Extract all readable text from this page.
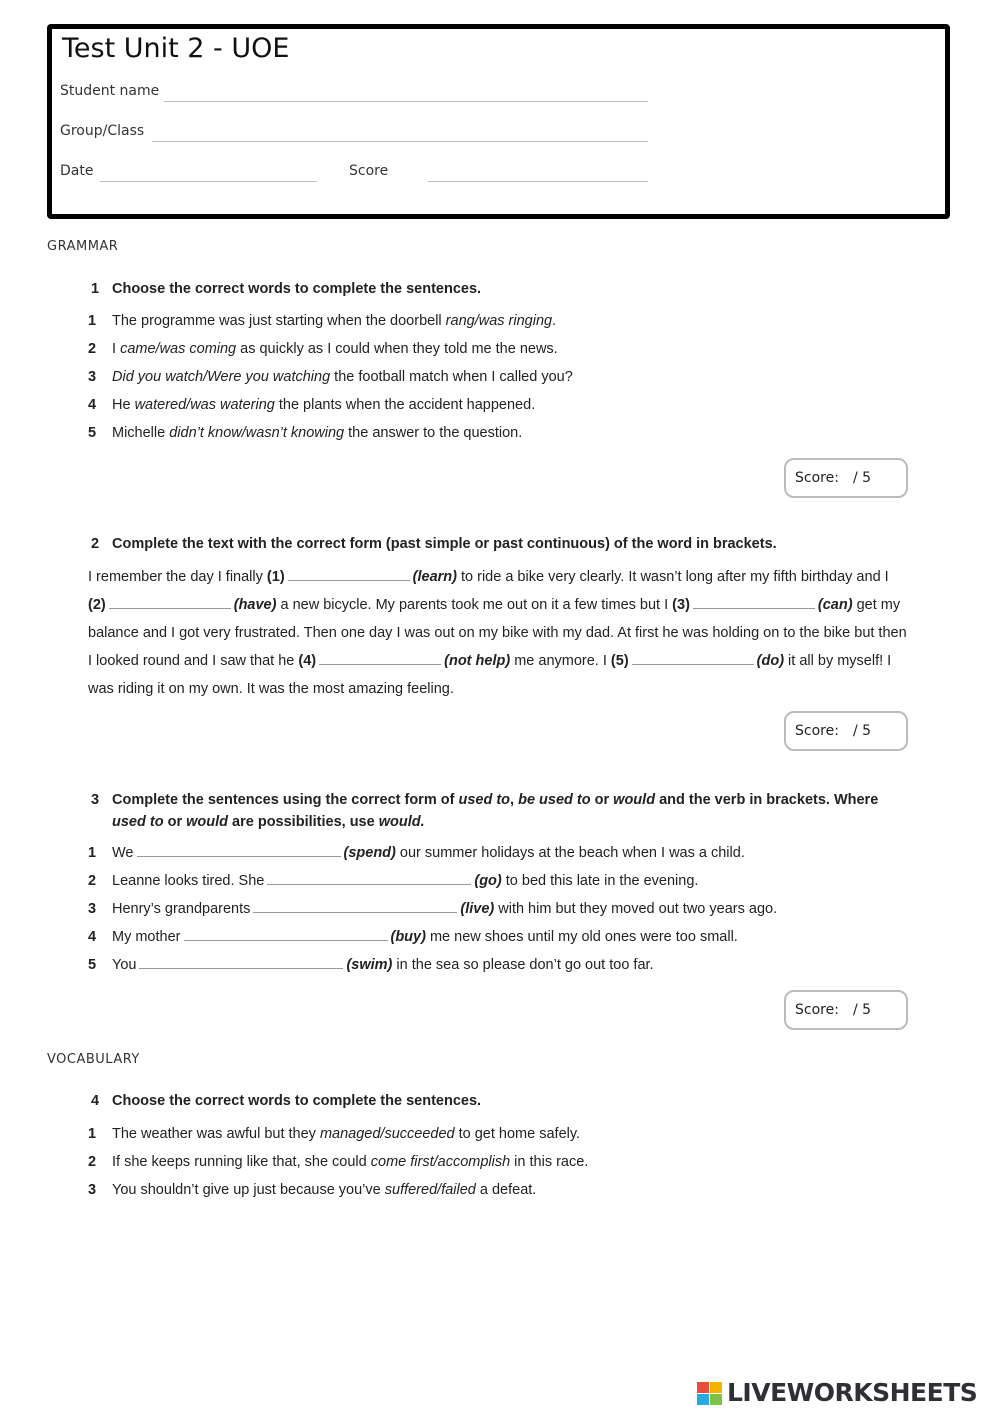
Test Unit 2 - UOE
Student name
Group/Class
Date	Score
GRAMMAR
1 Choose the correct words to complete the sentences.
1 The programme was just starting when the doorbell rang/was ringing.
2 I came/was coming as quickly as I could when they told me the news.
3 Did you watch/Were you watching the football match when I called you?
4 He watered/was watering the plants when the accident happened.
5 Michelle didn’t know/wasn’t knowing the answer to the question.
Score: / 5
2 Complete the text with the correct form (past simple or past continuous) of the word in brackets.
I remember the day I finally (1)	(learn) to ride a bike very clearly. It wasn’t long after my fifth birthday and I (2)	(have) a new bicycle. My parents took me out on it a few times but I (3)	(can) get my balance and I got very frustrated. Then one day I was out on my bike with my dad. At first he was holding on to the bike but then I looked round and I saw that he (4)	(not help) me anymore. I (5)	(do) it all by myself! I was riding it on my own. It was the most amazing feeling.
Score: / 5
3 Complete the sentences using the correct form of used to, be used to or would and the verb in brackets. Where
used to or would are possibilities, use would.
1 We	(spend) our summer holidays at the beach when I was a child.
2 Leanne looks tired. She	(go) to bed this late in the evening.
3 Henry’s grandparents	(live) with him but they moved out two years ago.
4 My mother	(buy) me new shoes until my old ones were too small.
5 You	(swim) in the sea so please don’t go out too far.
Score: / 5
VOCABULARY
4 Choose the correct words to complete the sentences.
1 The weather was awful but they managed/succeeded to get home safely.
2 If she keeps running like that, she could come first/accomplish in this race.
3 You shouldn’t give up just because you’ve suffered/failed a defeat.
LIVEWORKSHEETS
